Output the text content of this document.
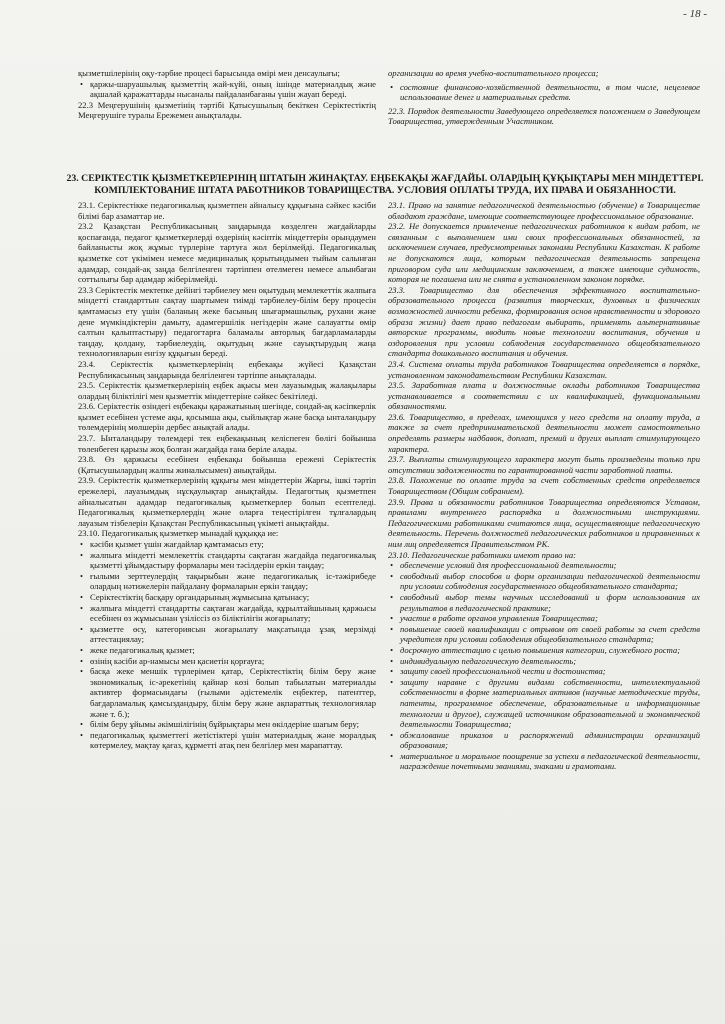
- 18 -

қызметшілерінің оқу-тәрбие процесі барысында өмірі мен денсаулығы;

• қаржы-шаруашылық қызметтің жай-күйі, оның ішінде материалдық және ақшалай қаражаттарды нысаналы пайдаланбағаны үшін жауап береді.

22.3 Меңгерушінің қызметінің тәртібі Қатысушылың бекіткен Серіктестіктің Меңгерушіге туралы Ережемен анықталады.

организации во время учебно-воспитательного процесса;

• состояние финансово-хозяйственной деятельности, в том числе, нецелевое использование денег и материальных средств.

22.3. Порядок деятельности Заведующего определяется положением о Заведующем Товарищества, утвержденным Участником.

23. СЕРІКТЕСТІК ҚЫЗМЕТКЕРЛЕРІНІҢ ШТАТЫН ЖИНАҚТАУ. ЕҢБЕКАҚЫ ЖАҒДАЙЫ. ОЛАРДЫҢ ҚҰҚЫҚТАРЫ МЕН МІНДЕТТЕРІ.
КОМПЛЕКТОВАНИЕ ШТАТА РАБОТНИКОВ ТОВАРИЩЕСТВА. УСЛОВИЯ ОПЛАТЫ ТРУДА, ИХ ПРАВА И ОБЯЗАННОСТИ.

23.1. Серіктестікке педагогикалық қызметпен айналысу құқығына сәйкес кәсіби білімі бар азаматтар ие.

23.2 Қазақстан Республикасының заңдарында көзделген жағдайларды қоспағанда, педагог қызметкерлерді өздерінің кәсіптік міндеттерін орындаумен байланысты жоқ жұмыс түрлеріне тартуға жол берілмейді. Педагогикалық қызметке сот үкімімен немесе медициналық қорытындымен тыйым салынған адамдар, сондай-ақ заңда белгіленген тәртіппен өтелмеген немесе алынбаған соттылығы бар адамдар жіберілмейді.

23.3 Серіктестік мектепке дейінгі тәрбиелеу мен оқытудың мемлекеттік жалпыға міндетті стандарттын сақтау шартымен тиімді тәрбиелеу-білім беру процесін қамтамасыз ету үшін (баланың жеке басының шығармашылық, рухани және дене мүмкіндіктерін дамыту, адамгершілік негіздерін және салауатты өмір салтын қалыптастыру) педагогтарға баламалы авторлық бағдарламаларды таңдау, қолдану, тәрбиелеудің, оқытудың және сауықтырудың жаңа технологияларын енгізу құқығын береді.

23.4. Серіктестік қызметкерлерінің еңбекақы жүйесі Қазақстан Республикасының заңдарында белгіленген тәртіппе анықталады.

23.5. Серіктестік қызметкерлерінің еңбек ақысы мен лауазымдық жалақылары олардың біліктілігі мен қызметтік міндеттеріне сәйкес бекітіледі.

23.6. Серіктестік өзіндегі еңбекақы қаражатының шегінде, сондай-ақ кәсіпкерлік қызмет есебінен үстеме ақы, қосымша ақы, сыйлықтар және басқа ынталандыру төлемдерінің мөлшерін дербес анықтай алады.

23.7. Ынталандыру төлемдері тек еңбекақының келіспеген бөлігі бойынша төленбеген қарызы жоқ болған жағдайда ғана беріле алады.

23.8. Өз қаржысы есебінен еңбекақы бойынша ережені Серіктестік (Қатысушылардың жалпы жиналысымен) анықтайды.

23.9. Серіктестік қызметкерлерінің құқығы мен міндеттерін Жарғы, ішкі тәртіп ережелері, лауазымдық нұсқаулықтар анықтайды. Педагогтық қызметпен айналысатын адамдар педагогикалық қызметкерлер болып есептеледі. Педагогикалық қызметкерлердің және оларға теңестірілген тұлғалардың лауазым тізбелерін Қазақстан Республикасының үкіметі анықтайды.

23.10. Педагогикалық қызметкер мынадай құқыққа ие:

• кәсіби қызмет үшін жағдайлар қамтамасыз ету;
• жалпыға міндетті мемлекеттік стандарты сақтаған жағдайда педагогикалық қызметті ұйымдастыру формалары мен тәсілдерін еркін таңдау;
• ғылыми зерттеулердің тақырыбын және педагогикалық іс-тәжірибеде олардың нәтижелерін пайдалану формаларын еркін таңдау;
• Серіктестіктің басқару органдарының жұмысына қатынасу;
• жалпыға міндетті стандартты сақтаған жағдайда, құрылтайшының қаржысы есебінен өз жұмысынан үзіліссіз өз біліктілігін жоғарылату;
• қызметте өсу, категориясын жоғарылату мақсатында ұзақ мерзімді аттестациялау;
• жеке педагогикалық қызмет;
• өзінің кәсіби ар-намысы мен қасиетін қорғауға;
• басқа жеке меншік түрлерімен қатар, Серіктестіктің білім беру және экономикалық іс-әрекетінің қайнар көзі болып табылатын материалды активтер формасындағы (ғылыми әдістемелік еңбектер, патенттер, бағдарламалық қамсыздандыру, білім беру және ақпараттық технологиялар және т. б.);
• білім беру ұйымы әкімшілігінің бұйрықтары мен өкілдеріне шағым беру;
• педагогикалық қызметтегі жетістіктері үшін материалдық және моралдық көтермелеу, мақтау қағаз, құрметті атақ пен белгілер мен марапаттау.

23.1. Право на занятие педагогической деятельностью (обучение) в Товариществе обладают граждане, имеющие соответствующее профессиональное образование.

23.2. Не допускается привлечение педагогических работников к видам работ, не связанным с выполнением ими своих профессиональных обязанностей, за исключением случаев, предусмотренных законами Республики Казахстан. К работе не допускаются лица, которым педагогическая деятельность запрещена приговором суда или медицинским заключением, а также имеющие судимость, которая не погашена или не снята в установленном законом порядке.

23.3. Товарищество для обеспечения эффективного воспитательно-образовательного процесса (развития творческих, духовных и физических возможностей личности ребенка, формирования основ нравственности и здорового образа жизни) дает право педагогам выбирать, применять альтернативные авторские программы, вводить новые технологии воспитания, обучения и оздоровления при условии соблюдения государственного общеобязательного стандарта дошкольного воспитания и обучения.

23.4. Система оплаты труда работников Товарищества определяется в порядке, установленном законодательством Республики Казахстан.

23.5. Заработная плата и должностные оклады работников Товарищества устанавливается в соответствии с их квалификацией, функциональными обязанностями.

23.6. Товарищество, в пределах, имеющихся у него средств на оплату труда, а также за счет предпринимательской деятельности может самостоятельно определять размеры надбавок, доплат, премий и других выплат стимулирующего характера.

23.7. Выплаты стимулирующего характера могут быть произведены только при отсутствии задолженности по гарантированной части заработной платы.

23.8. Положение по оплате труда за счет собственных средств определяется Товариществом (Общим собранием).

23.9. Права и обязанности работников Товарищества определяются Уставом, правилами внутреннего распорядка и должностными инструкциями. Педагогическими работниками считаются лица, осуществляющие педагогическую деятельность. Перечень должностей педагогических работников и приравненных к ним лиц определяется Правительством РК.

23.10. Педагогические работники имеют право на:

• обеспечение условий для профессиональной деятельности;
• свободный выбор способов и форм организации педагогической деятельности при условии соблюдения государственного общеобязательного стандарта;
• свободный выбор темы научных исследований и форм использования их результатов в педагогической практике;
• участие в работе органов управления Товарищества;
• повышение своей квалификации с отрывом от своей работы за счет средств учредителя при условии соблюдения общеобязательного стандарта;
• досрочную аттестацию с целью повышения категории, служебного роста;
• индивидуальную педагогическую деятельность;
• защиту своей профессиональной чести и достоинства;
• защиту наравне с другими видами собственности, интеллектуальной собственности в форме материальных активов (научные методические труды, патенты, программное обеспечение, образовательные и информационные технологии и другое), служащей источником образовательной и экономической деятельности Товарищества;
• обжалование приказов и распоряжений администрации организаций образования;
• материальное и моральное поощрение за успехи в педагогической деятельности, награждение почетными званиями, знаками и грамотами.
